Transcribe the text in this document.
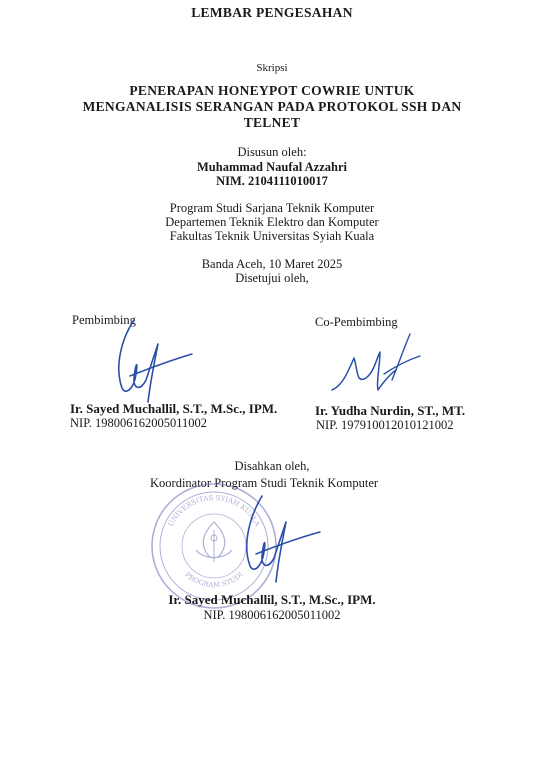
LEMBAR PENGESAHAN
Skripsi
PENERAPAN HONEYPOT COWRIE UNTUK
MENGANALISIS SERANGAN PADA PROTOKOL SSH DAN
TELNET
Disusun oleh:
Muhammad Naufal Azzahri
NIM. 2104111010017
Program Studi Sarjana Teknik Komputer
Departemen Teknik Elektro dan Komputer
Fakultas Teknik Universitas Syiah Kuala
Banda Aceh, 10 Maret 2025
Disetujui oleh,
Pembimbing
Ir. Sayed Muchallil, S.T., M.Sc., IPM.
NIP. 198006162005011002
Co-Pembimbing
Ir. Yudha Nurdin, ST., MT.
NIP. 197910012010121002
Disahkan oleh,
Koordinator Program Studi Teknik Komputer
UNIVERSITAS SYIAH KUALA
PROGRAM STUDI
Ir. Sayed Muchallil, S.T., M.Sc., IPM.
NIP. 198006162005011002
